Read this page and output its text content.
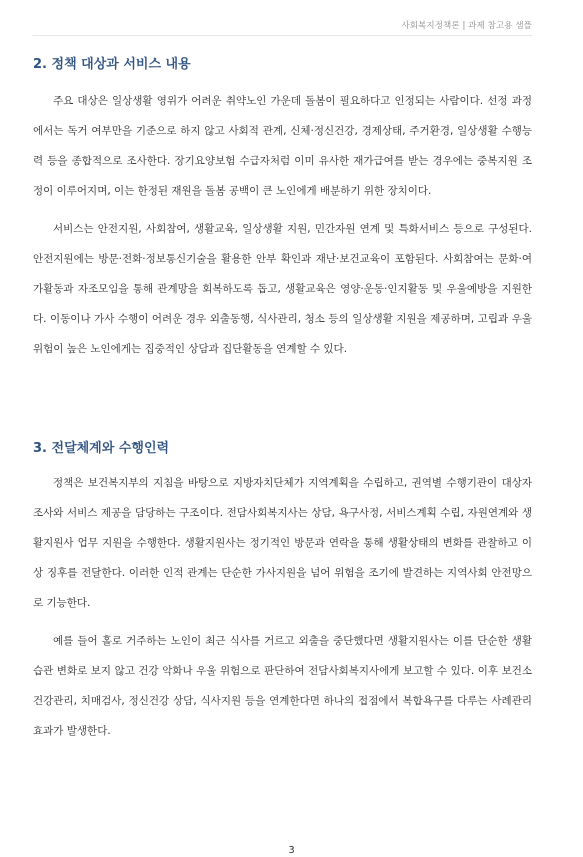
사회복지정책론 | 과제 참고용 샘플
2. 정책 대상과 서비스 내용

주요 대상은 일상생활 영위가 어려운 취약노인 가운데 돌봄이 필요하다고 인정되는 사람이다. 선정 과정에서는 독거 여부만을 기준으로 하지 않고 사회적 관계, 신체·정신건강, 경제상태, 주거환경, 일상생활 수행능력 등을 종합적으로 조사한다. 장기요양보험 수급자처럼 이미 유사한 재가급여를 받는 경우에는 중복지원 조정이 이루어지며, 이는 한정된 재원을 돌봄 공백이 큰 노인에게 배분하기 위한 장치이다.

서비스는 안전지원, 사회참여, 생활교육, 일상생활 지원, 민간자원 연계 및 특화서비스 등으로 구성된다. 안전지원에는 방문·전화·정보통신기술을 활용한 안부 확인과 재난·보건교육이 포함된다. 사회참여는 문화·여가활동과 자조모임을 통해 관계망을 회복하도록 돕고, 생활교육은 영양·운동·인지활동 및 우울예방을 지원한다. 이동이나 가사 수행이 어려운 경우 외출동행, 식사관리, 청소 등의 일상생활 지원을 제공하며, 고립과 우울 위험이 높은 노인에게는 집중적인 상담과 집단활동을 연계할 수 있다.

3. 전달체계와 수행인력

정책은 보건복지부의 지침을 바탕으로 지방자치단체가 지역계획을 수립하고, 권역별 수행기관이 대상자 조사와 서비스 제공을 담당하는 구조이다. 전담사회복지사는 상담, 욕구사정, 서비스계획 수립, 자원연계와 생활지원사 업무 지원을 수행한다. 생활지원사는 정기적인 방문과 연락을 통해 생활상태의 변화를 관찰하고 이상 징후를 전달한다. 이러한 인적 관계는 단순한 가사지원을 넘어 위험을 조기에 발견하는 지역사회 안전망으로 기능한다.

예를 들어 홀로 거주하는 노인이 최근 식사를 거르고 외출을 중단했다면 생활지원사는 이를 단순한 생활습관 변화로 보지 않고 건강 악화나 우울 위험으로 판단하여 전담사회복지사에게 보고할 수 있다. 이후 보건소 건강관리, 치매검사, 정신건강 상담, 식사지원 등을 연계한다면 하나의 접점에서 복합욕구를 다루는 사례관리 효과가 발생한다.

3
